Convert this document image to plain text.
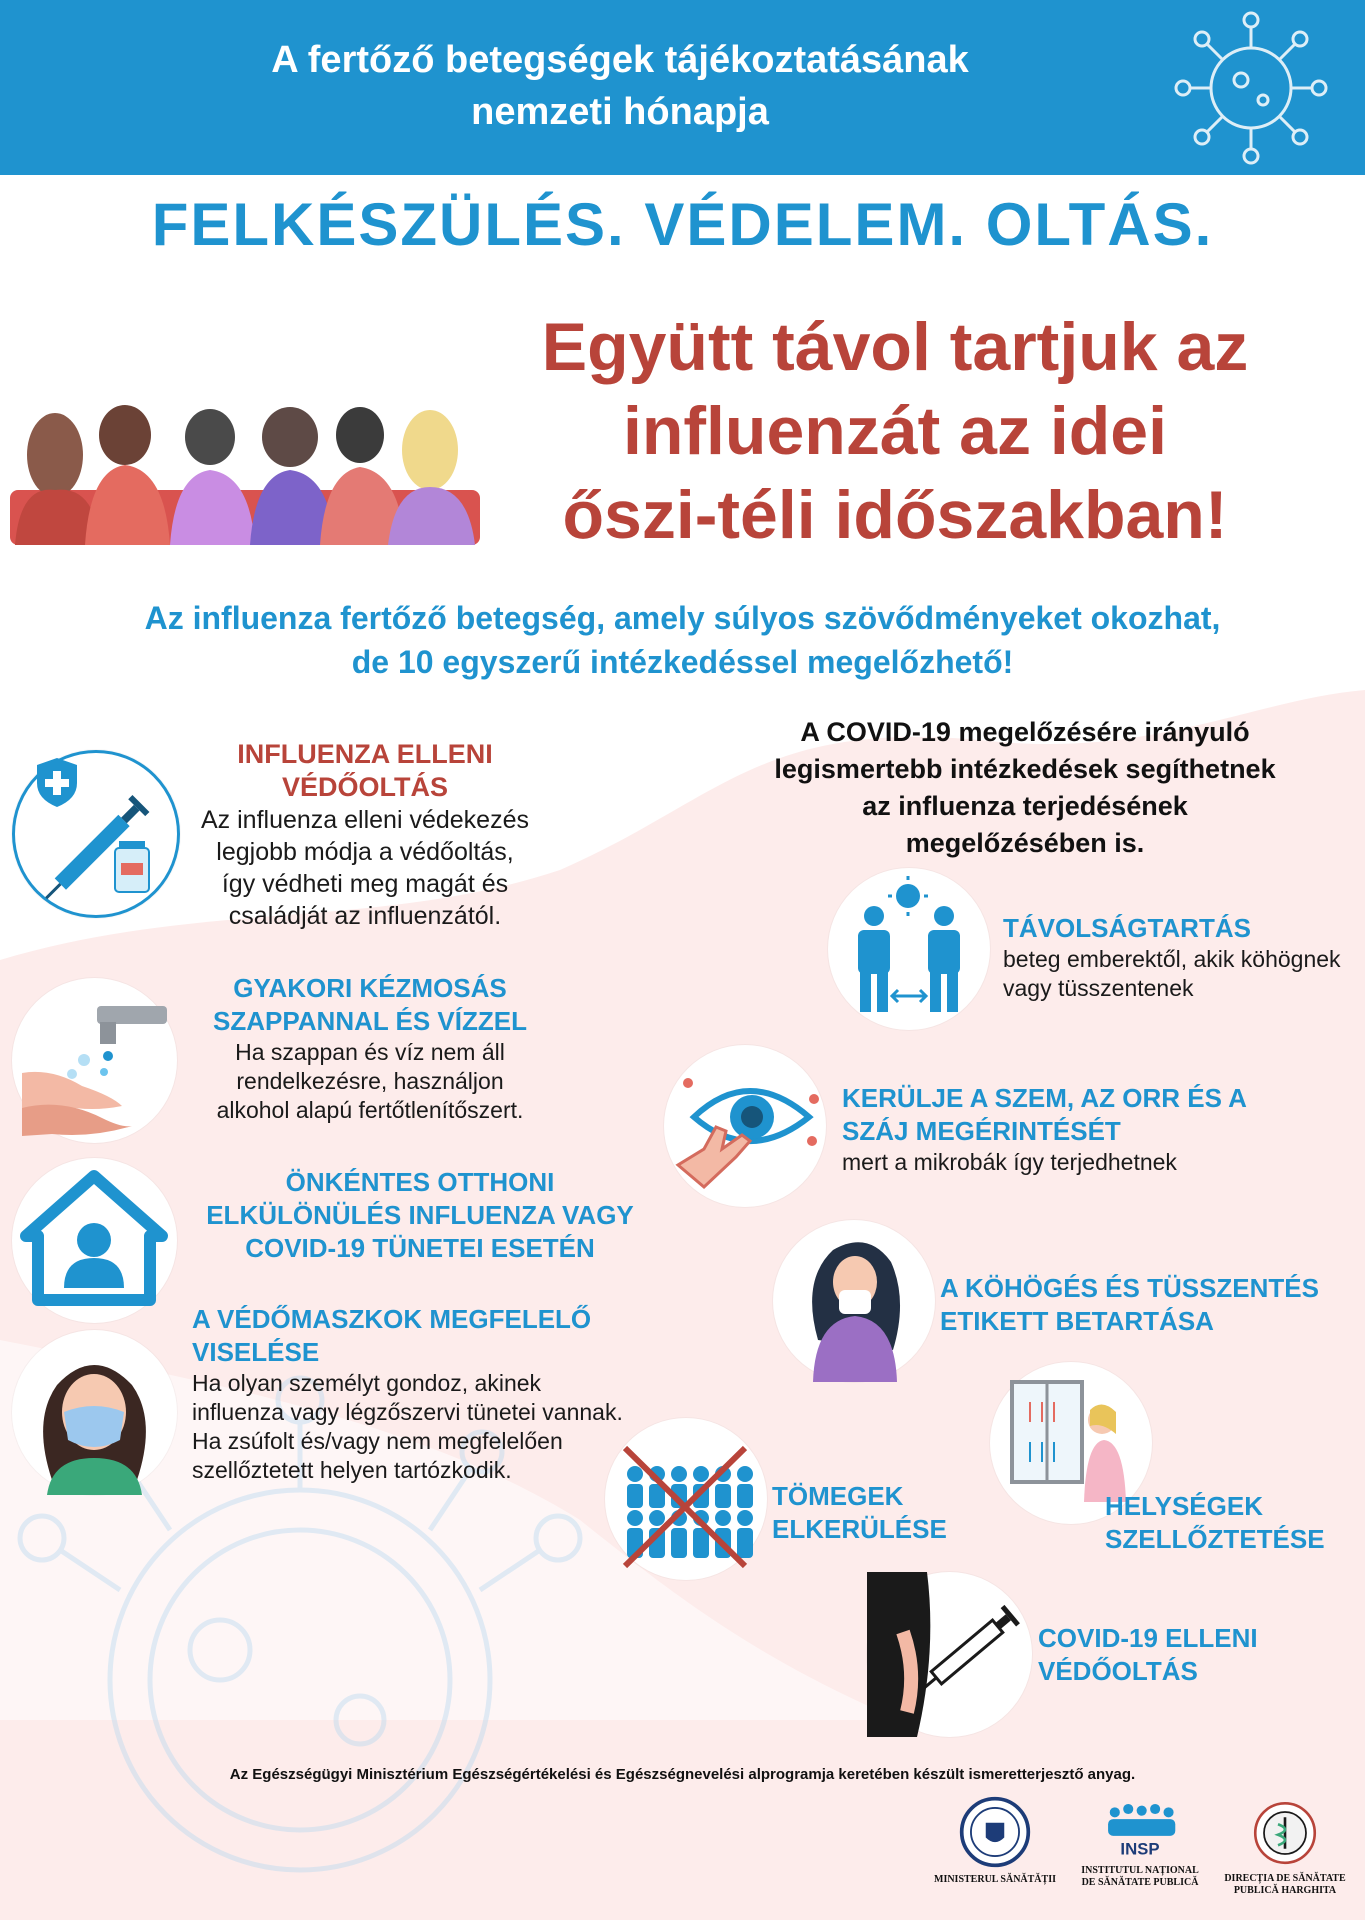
A fertőző betegségek tájékoztatásának
nemzeti hónapja
FELKÉSZÜLÉS. VÉDELEM. OLTÁS.
Együtt távol tartjuk az
influenzát az idei
őszi-téli időszakban!
Az influenza fertőző betegség, amely súlyos szövődményeket okozhat,
de 10 egyszerű intézkedéssel megelőzhető!
INFLUENZA ELLENI
VÉDŐOLTÁS
Az influenza elleni védekezés
legjobb módja a védőoltás,
így védheti meg magát és
családját az influenzától.
GYAKORI KÉZMOSÁS
SZAPPANNAL ÉS VÍZZEL
Ha szappan és víz nem áll
rendelkezésre, használjon
alkohol alapú fertőtlenítőszert.
ÖNKÉNTES OTTHONI
ELKÜLÖNÜLÉS INFLUENZA VAGY
COVID-19 TÜNETEI ESETÉN
A VÉDŐMASZKOK MEGFELELŐ
VISELÉSE
Ha olyan személyt gondoz, akinek
influenza vagy légzőszervi tünetei vannak.
Ha zsúfolt és/vagy nem megfelelően
szellőztetett helyen tartózkodik.
A COVID-19 megelőzésére irányuló
legismertebb intézkedések segíthetnek
az influenza terjedésének
megelőzésében is.
TÁVOLSÁGTARTÁS
beteg emberektől, akik köhögnek
vagy tüsszentenek
KERÜLJE A SZEM, AZ ORR ÉS A
SZÁJ MEGÉRINTÉSÉT
mert a mikrobák így terjedhetnek
A KÖHÖGÉS ÉS TÜSSZENTÉS
ETIKETT BETARTÁSA
HELYSÉGEK
SZELLŐZTETÉSE
TÖMEGEK
ELKERÜLÉSE
COVID-19 ELLENI
VÉDŐOLTÁS
Az Egészségügyi Minisztérium Egészségértékelési és Egészségnevelési alprogramja keretében készült ismeretterjesztő anyag.
MINISTERUL SĂNĂTĂȚII
INSP
INSTITUTUL NAȚIONAL
DE SĂNĂTATE PUBLICĂ	DIRECȚIA DE SĂNĂTATE
PUBLICĂ HARGHITA
